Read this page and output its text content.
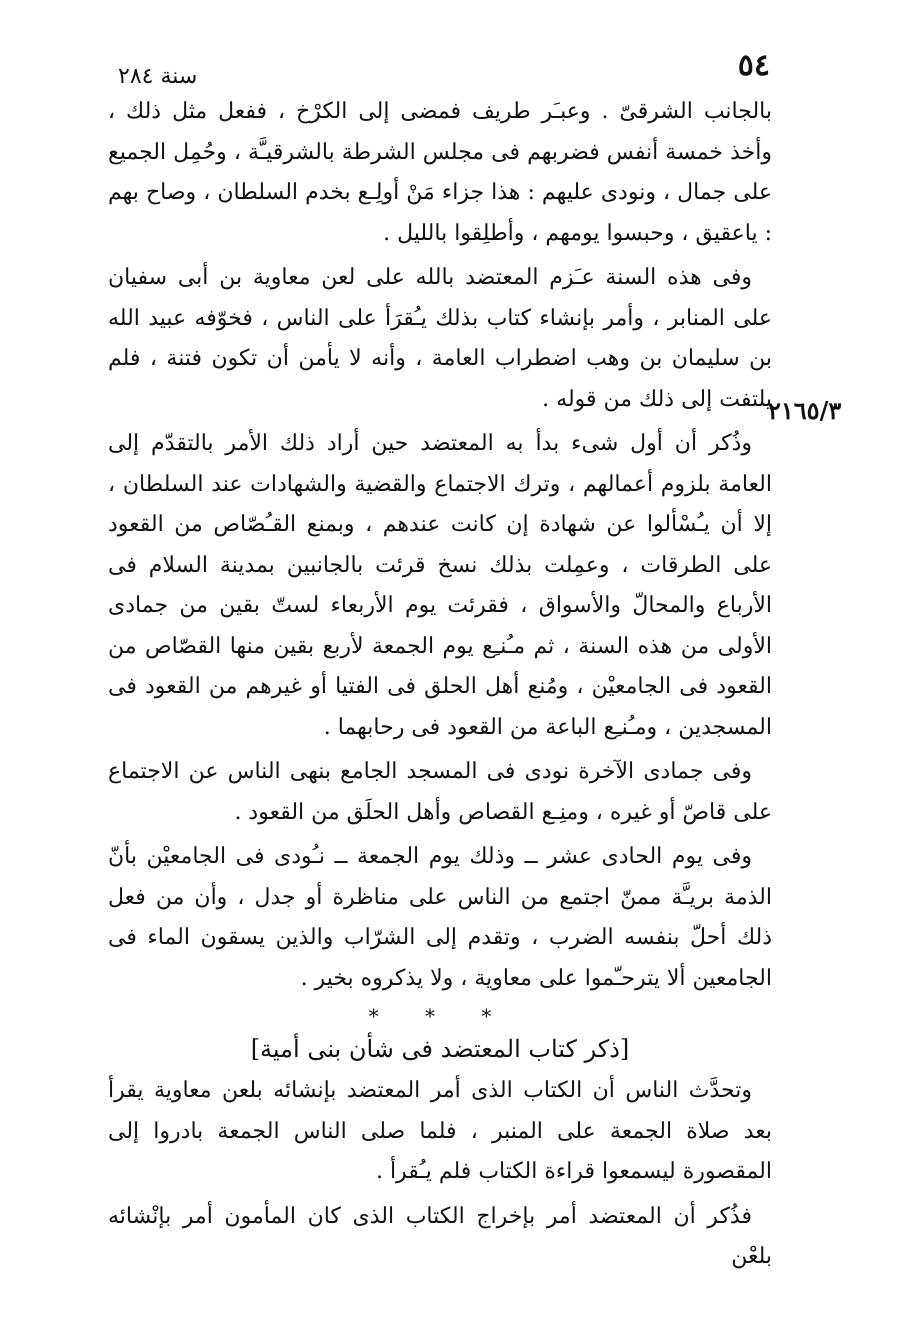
٥٤
سنة ٢٨٤
٢١٦٥/٣

بالجانب الشرقىّ . وعبـَر طريف فمضى إلى الكرْخ ، ففعل مثل ذلك ، وأخذ خمسة أنفس فضربهم فى مجلس الشرطة بالشرقيـَّة ، وحُمِل الجميع على جمال ، ونودى عليهم : هذا جزاء مَنْ أولِـع بخدم السلطان ، وصاح بهم : ياعقيق ، وحبسوا يومهم ، وأطلِقوا بالليل .

وفى هذه السنة عـَزم المعتضد بالله على لعن معاوية بن أبى سفيان على المنابر ، وأمر بإنشاء كتاب بذلك يـُقرَأ على الناس ، فخوّفه عبيد الله بن سليمان بن وهب اضطراب العامة ، وأنه لا يأمن أن تكون فتنة ، فلم يلتفت إلى ذلك من قوله .

وذُكر أن أول شىء بدأ به المعتضد حين أراد ذلك الأمر بالتقدّم إلى العامة بلزوم أعمالهم ، وترك الاجتماع والقضية والشهادات عند السلطان ، إلا أن يـُسْألوا عن شهادة إن كانت عندهم ، وبمنع القـُصّاص من القعود على الطرقات ، وعمِلت بذلك نسخ قرئت بالجانبين بمدينة السلام فى الأرباع والمحالّ والأسواق ، فقرئت يوم الأربعاء لستّ بقين من جمادى الأولى من هذه السنة ، ثم مـُنـِع يوم الجمعة لأربع بقين منها القصّاص من القعود فى الجامعيْن ، ومُنع أهل الحلق فى الفتيا أو غيرهم من القعود فى المسجدين ، ومـُنـِع الباعة من القعود فى رحابهما .

وفى جمادى الآخرة نودى فى المسجد الجامع بنهى الناس عن الاجتماع على قاصّ أو غيره ، ومنِـع القصاص وأهل الحلَق من القعود .

وفى يوم الحادى عشر ــ وذلك يوم الجمعة ــ نـُودى فى الجامعيْن بأنّ الذمة بريـَّة ممنّ اجتمع من الناس على مناظرة أو جدل ، وأن من فعل ذلك أحلّ بنفسه الضرب ، وتقدم إلى الشرّاب والذين يسقون الماء فى الجامعين ألا يترحـّموا على معاوية ، ولا يذكروه بخير .

* * *
[ذكر كتاب المعتضد فى شأن بنى أمية]

وتحدَّث الناس أن الكتاب الذى أمر المعتضد بإنشائه بلعن معاوية يقرأ بعد صلاة الجمعة على المنبر ، فلما صلى الناس الجمعة بادروا إلى المقصورة ليسمعوا قراءة الكتاب فلم يـُقرأ .

فذُكر أن المعتضد أمر بإخراج الكتاب الذى كان المأمون أمر بإنْشائه بلعْن
